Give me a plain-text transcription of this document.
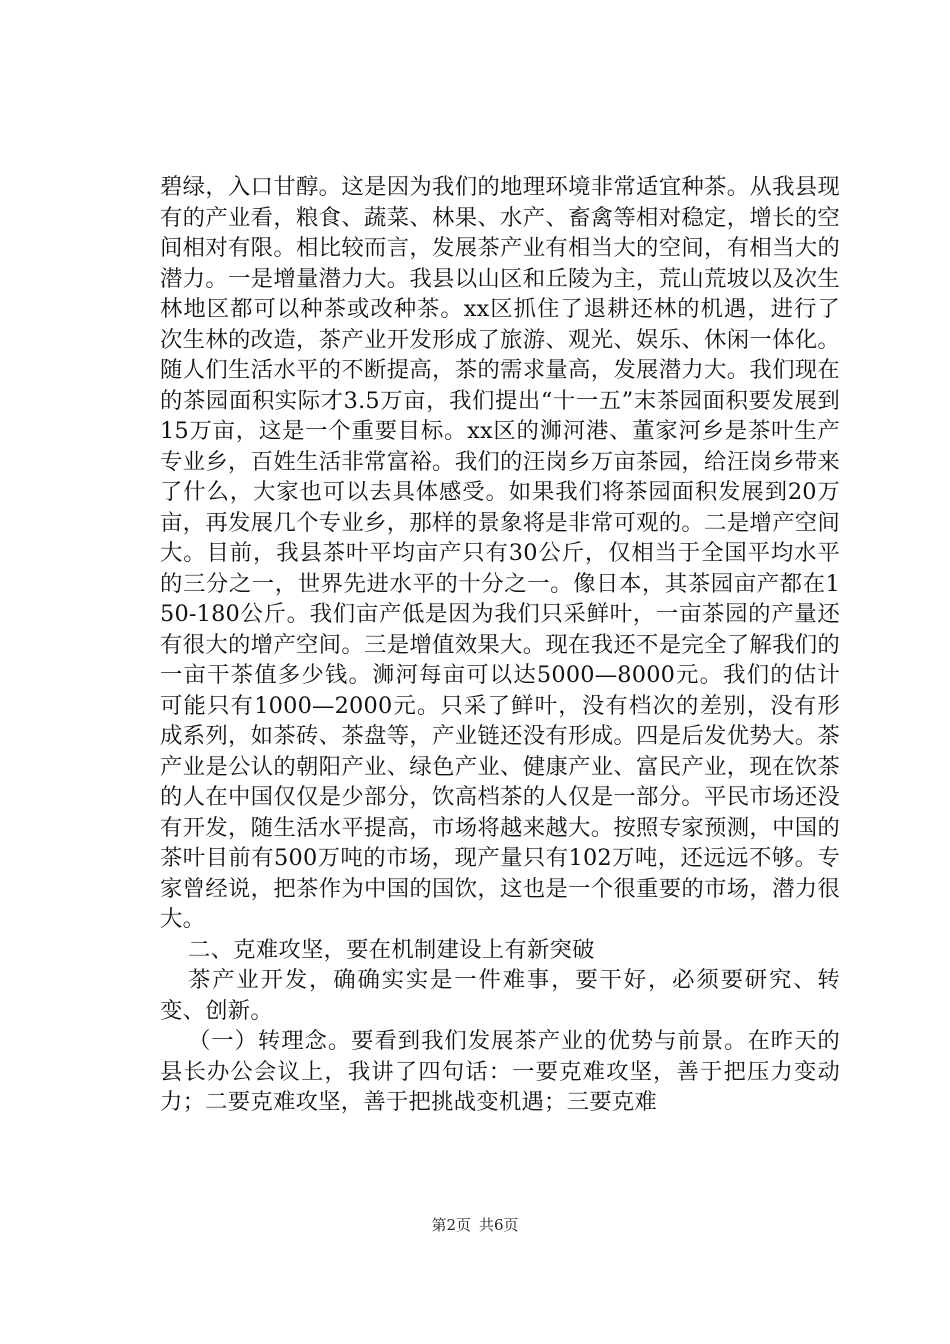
碧绿，入口甘醇。这是因为我们的地理环境非常适宜种茶。从我县现有的产业看，粮食、蔬菜、林果、水产、畜禽等相对稳定，增长的空间相对有限。相比较而言，发展茶产业有相当大的空间，有相当大的潜力。一是增量潜力大。我县以山区和丘陵为主，荒山荒坡以及次生林地区都可以种茶或改种茶。xx区抓住了退耕还林的机遇，进行了次生林的改造，茶产业开发形成了旅游、观光、娱乐、休闲一体化。随人们生活水平的不断提高，茶的需求量高，发展潜力大。我们现在的茶园面积实际才3.5万亩，我们提出“十一五”末茶园面积要发展到15万亩，这是一个重要目标。xx区的浉河港、董家河乡是茶叶生产专业乡，百姓生活非常富裕。我们的汪岗乡万亩茶园，给汪岗乡带来了什么，大家也可以去具体感受。如果我们将茶园面积发展到20万亩，再发展几个专业乡，那样的景象将是非常可观的。二是增产空间大。目前，我县茶叶平均亩产只有30公斤，仅相当于全国平均水平的三分之一，世界先进水平的十分之一。像日本，其茶园亩产都在150-180公斤。我们亩产低是因为我们只采鲜叶，一亩茶园的产量还有很大的增产空间。三是增值效果大。现在我还不是完全了解我们的一亩干茶值多少钱。浉河每亩可以达5000—8000元。我们的估计可能只有1000—2000元。只采了鲜叶，没有档次的差别，没有形成系列，如茶砖、茶盘等，产业链还没有形成。四是后发优势大。茶产业是公认的朝阳产业、绿色产业、健康产业、富民产业，现在饮茶的人在中国仅仅是少部分，饮高档茶的人仅是一部分。平民市场还没有开发，随生活水平提高，市场将越来越大。按照专家预测，中国的茶叶目前有500万吨的市场，现产量只有102万吨，还远远不够。专家曾经说，把茶作为中国的国饮，这也是一个很重要的市场，潜力很大。

二、克难攻坚，要在机制建设上有新突破

茶产业开发，确确实实是一件难事，要干好，必须要研究、转变、创新。

（一）转理念。要看到我们发展茶产业的优势与前景。在昨天的县长办公会议上，我讲了四句话：一要克难攻坚，善于把压力变动力；二要克难攻坚，善于把挑战变机遇；三要克难

第2页 共6页
